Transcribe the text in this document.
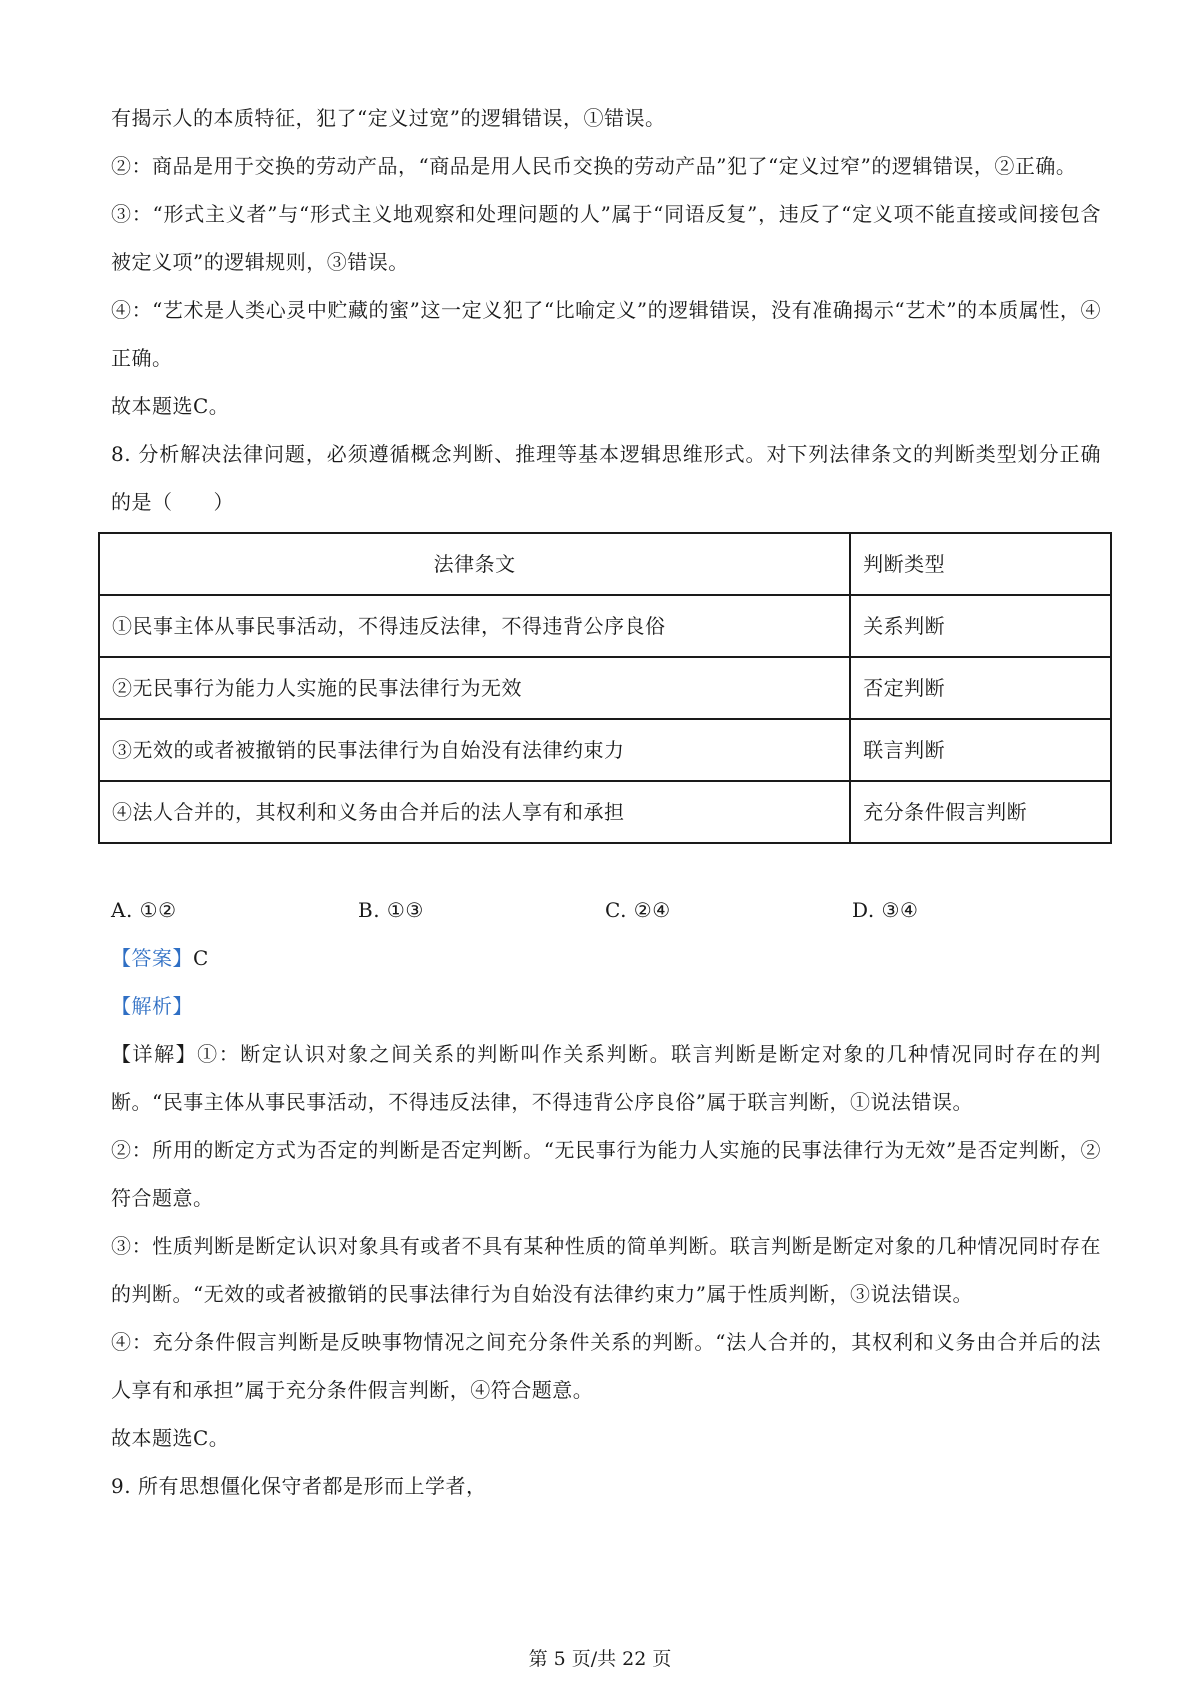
有揭示人的本质特征，犯了“定义过宽”的逻辑错误，①错误。

②：商品是用于交换的劳动产品，“商品是用人民币交换的劳动产品”犯了“定义过窄”的逻辑错误，②正确。

③：“形式主义者”与“形式主义地观察和处理问题的人”属于“同语反复”，违反了“定义项不能直接或间接包含被定义项”的逻辑规则，③错误。

④：“艺术是人类心灵中贮藏的蜜”这一定义犯了“比喻定义”的逻辑错误，没有准确揭示“艺术”的本质属性，④正确。

故本题选C。

8. 分析解决法律问题，必须遵循概念判断、推理等基本逻辑思维形式。对下列法律条文的判断类型划分正确的是（　　）

法律条文	判断类型
①民事主体从事民事活动，不得违反法律，不得违背公序良俗	关系判断
②无民事行为能力人实施的民事法律行为无效	否定判断
③无效的或者被撤销的民事法律行为自始没有法律约束力	联言判断
④法人合并的，其权利和义务由合并后的法人享有和承担	充分条件假言判断
A. ①②	B. ①③	C. ②④	D. ③④

【答案】C

【解析】

【详解】①：断定认识对象之间关系的判断叫作关系判断。联言判断是断定对象的几种情况同时存在的判断。“民事主体从事民事活动，不得违反法律，不得违背公序良俗”属于联言判断，①说法错误。

②：所用的断定方式为否定的判断是否定判断。“无民事行为能力人实施的民事法律行为无效”是否定判断，②符合题意。

③：性质判断是断定认识对象具有或者不具有某种性质的简单判断。联言判断是断定对象的几种情况同时存在的判断。“无效的或者被撤销的民事法律行为自始没有法律约束力”属于性质判断，③说法错误。

④：充分条件假言判断是反映事物情况之间充分条件关系的判断。“法人合并的，其权利和义务由合并后的法人享有和承担”属于充分条件假言判断，④符合题意。

故本题选C。

9. 所有思想僵化保守者都是形而上学者，

第 5 页/共 22 页
